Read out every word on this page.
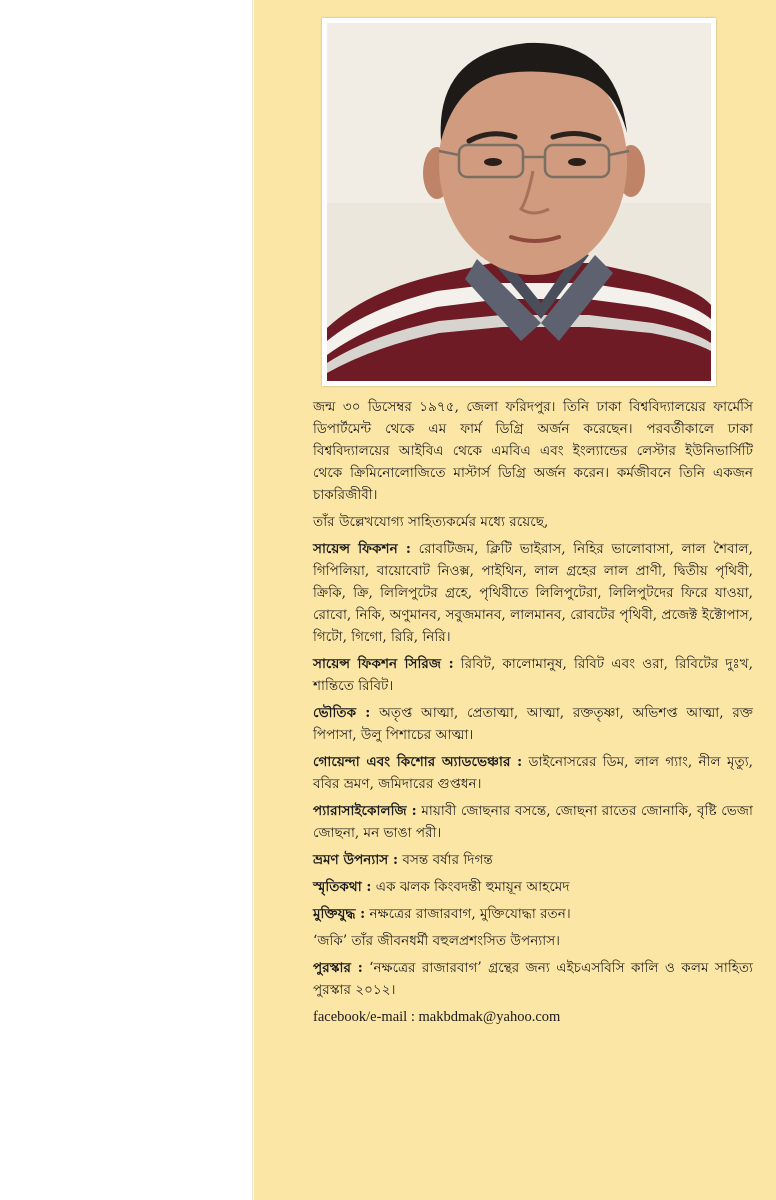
জন্ম ৩০ ডিসেম্বর ১৯৭৫, জেলা ফরিদপুর। তিনি ঢাকা বিশ্ববিদ্যালয়ের ফার্মেসি ডিপার্টমেন্ট থেকে এম ফার্ম ডিগ্রি অর্জন করেছেন। পরবর্তীকালে ঢাকা বিশ্ববিদ্যালয়ের আইবিএ থেকে এমবিএ এবং ইংল্যান্ডের লেস্টার ইউনিভার্সিটি থেকে ক্রিমিনোলোজিতে মাস্টার্স ডিগ্রি অর্জন করেন। কর্মজীবনে তিনি একজন চাকরিজীবী।

তাঁর উল্লেখযোগ্য সাহিত্যকর্মের মধ্যে রয়েছে,

সায়েন্স ফিকশন : রোবটিজম, ক্লিটি ভাইরাস, নিহির ভালোবাসা, লাল শৈবাল, গিপিলিয়া, বায়োবোট নিওক্স, পাইথিন, লাল গ্রহের লাল প্রাণী, দ্বিতীয় পৃথিবী, ক্রিকি, ক্রি, লিলিপুটের গ্রহে, পৃথিবীতে লিলিপুটেরা, লিলিপুটদের ফিরে যাওয়া, রোবো, নিকি, অণুমানব, সবুজমানব, লালমানব, রোবটের পৃথিবী, প্রজেক্ট ইক্টোপাস, গিটো, গিগো, রিরি, নিরি।

সায়েন্স ফিকশন সিরিজ : রিবিট, কালোমানুষ, রিবিট এবং ওরা, রিবিটের দুঃখ, শান্তিতে রিবিট।

ভৌতিক : অতৃপ্ত আত্মা, প্রেতাত্মা, আত্মা, রক্ততৃষ্ণা, অভিশপ্ত আত্মা, রক্ত পিপাসা, উলু পিশাচের আত্মা।

গোয়েন্দা এবং কিশোর অ্যাডভেঞ্চার : ডাইনোসরের ডিম, লাল গ্যাং, নীল মৃত্যু, ববির ভ্রমণ, জমিদারের গুপ্তধন।

প্যারাসাইকোলজি : মায়াবী জোছনার বসন্তে, জোছনা রাতের জোনাকি, বৃষ্টি ভেজা জোছনা, মন ভাঙা পরী।

ভ্রমণ উপন্যাস : বসন্ত বর্ষার দিগন্ত

স্মৃতিকথা : এক ঝলক কিংবদন্তী হুমায়ূন আহমেদ

মুক্তিযুদ্ধ : নক্ষত্রের রাজারবাগ, মুক্তিযোদ্ধা রতন।

‘জকি’ তাঁর জীবনধর্মী বহুলপ্রশংসিত উপন্যাস।

পুরস্কার : ‘নক্ষত্রের রাজারবাগ’ গ্রন্থের জন্য এইচএসবিসি কালি ও কলম সাহিত্য পুরস্কার ২০১২।

facebook/e-mail : makbdmak@yahoo.com
